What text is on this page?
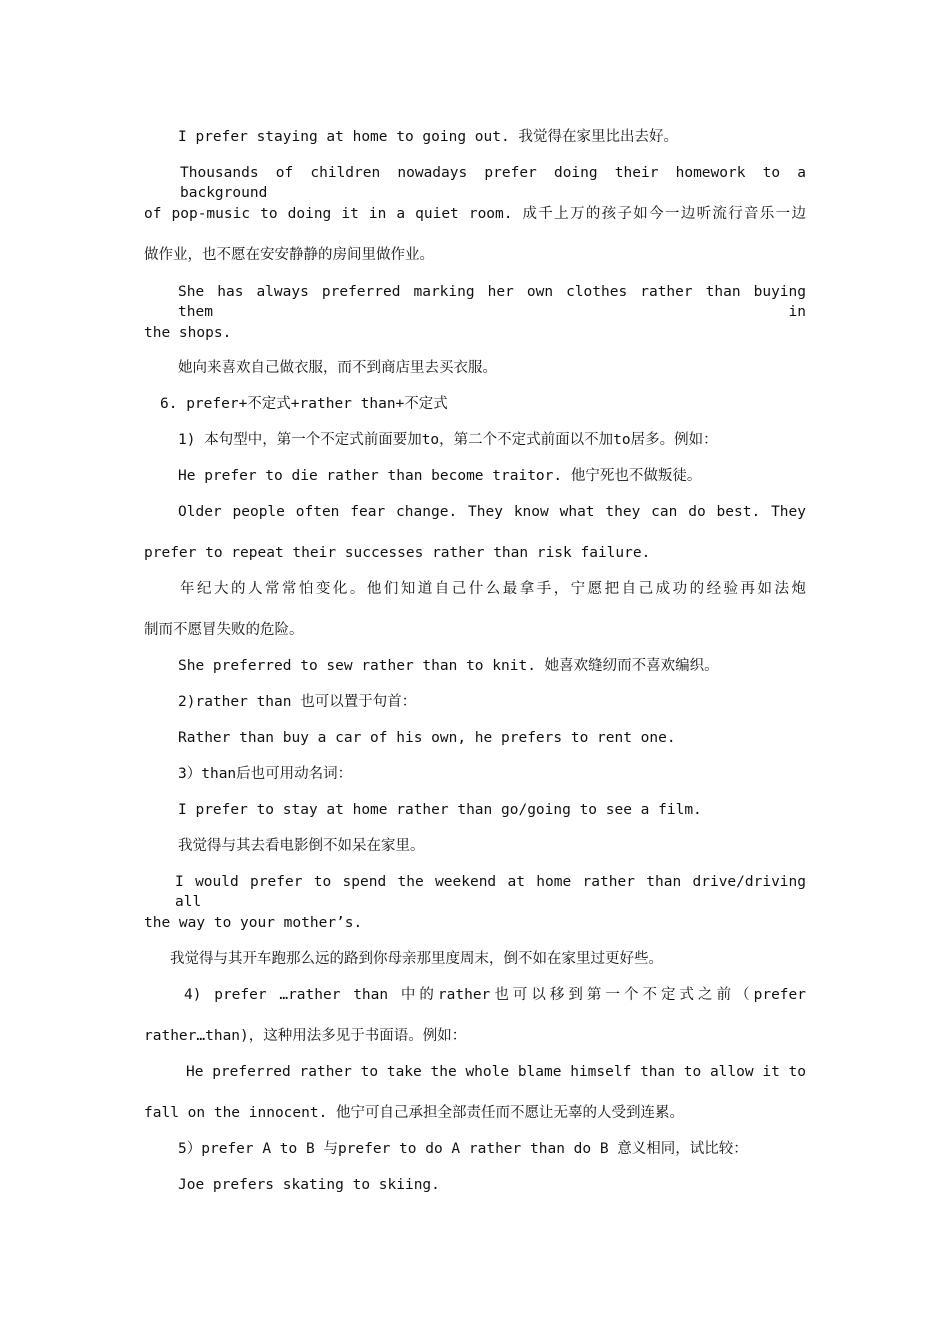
I prefer staying at home to going out. 我觉得在家里比出去好。
Thousands of children nowadays prefer doing their homework to a background
of pop-music to doing it in a quiet room. 成千上万的孩子如今一边听流行音乐一边
做作业，也不愿在安安静静的房间里做作业。
She has always preferred marking her own clothes rather than buying them in
the shops.
她向来喜欢自己做衣服，而不到商店里去买衣服。
6. prefer+不定式+rather than+不定式
1) 本句型中，第一个不定式前面要加to，第二个不定式前面以不加to居多。例如：
He prefer to die rather than become traitor. 他宁死也不做叛徒。
Older people often fear change. They know what they can do best. They
prefer to repeat their successes rather than risk failure.
年纪大的人常常怕变化。他们知道自己什么最拿手，宁愿把自己成功的经验再如法炮
制而不愿冒失败的危险。
She preferred to sew rather than to knit. 她喜欢缝纫而不喜欢编织。
2)rather than 也可以置于句首：
Rather than buy a car of his own, he prefers to rent one.
3）than后也可用动名词：
I prefer to stay at home rather than go/going to see a film.
我觉得与其去看电影倒不如呆在家里。
I would prefer to spend the weekend at home rather than drive/driving all
the way to your mother’s.
我觉得与其开车跑那么远的路到你母亲那里度周末，倒不如在家里过更好些。
4) prefer …rather than 中的rather也可以移到第一个不定式之前（prefer
rather…than)，这种用法多见于书面语。例如：
He preferred rather to take the whole blame himself than to allow it to
fall on the innocent. 他宁可自己承担全部责任而不愿让无辜的人受到连累。
5）prefer A to B 与prefer to do A rather than do B 意义相同，试比较：
Joe prefers skating to skiing.
